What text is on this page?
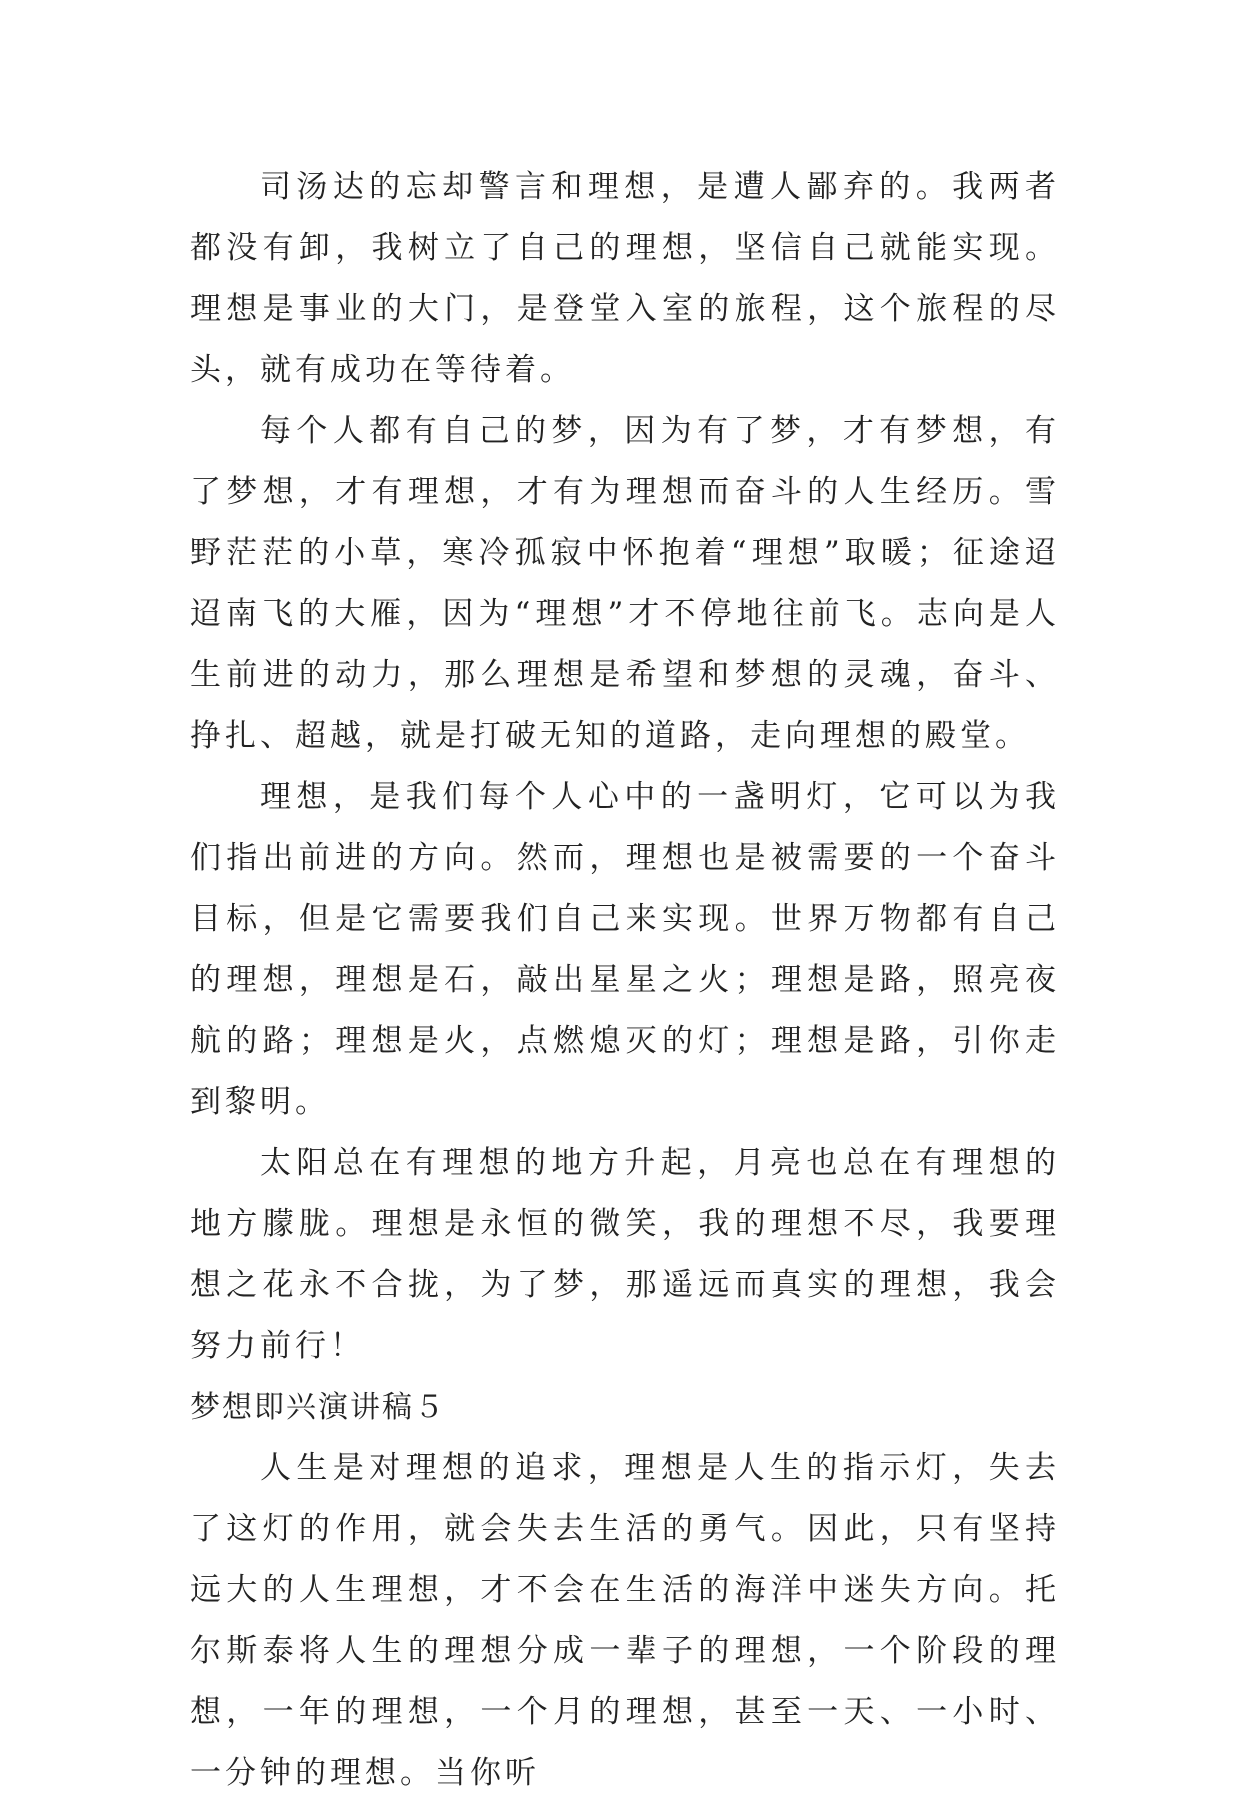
司汤达的忘却警言和理想，是遭人鄙弃的。我两者都没有卸，我树立了自己的理想，坚信自己就能实现。理想是事业的大门，是登堂入室的旅程，这个旅程的尽头，就有成功在等待着。

每个人都有自己的梦，因为有了梦，才有梦想，有了梦想，才有理想，才有为理想而奋斗的人生经历。雪野茫茫的小草，寒冷孤寂中怀抱着“理想”取暖；征途迢迢南飞的大雁，因为“理想”才不停地往前飞。志向是人生前进的动力，那么理想是希望和梦想的灵魂，奋斗、挣扎、超越，就是打破无知的道路，走向理想的殿堂。

理想，是我们每个人心中的一盏明灯，它可以为我们指出前进的方向。然而，理想也是被需要的一个奋斗目标，但是它需要我们自己来实现。世界万物都有自己的理想，理想是石，敲出星星之火；理想是路，照亮夜航的路；理想是火，点燃熄灭的灯；理想是路，引你走到黎明。

太阳总在有理想的地方升起，月亮也总在有理想的地方朦胧。理想是永恒的微笑，我的理想不尽，我要理想之花永不合拢，为了梦，那遥远而真实的理想，我会努力前行！

梦想即兴演讲稿５

人生是对理想的追求，理想是人生的指示灯，失去了这灯的作用，就会失去生活的勇气。因此，只有坚持远大的人生理想，才不会在生活的海洋中迷失方向。托尔斯泰将人生的理想分成一辈子的理想，一个阶段的理想，一年的理想，一个月的理想，甚至一天、一小时、一分钟的理想。当你听
